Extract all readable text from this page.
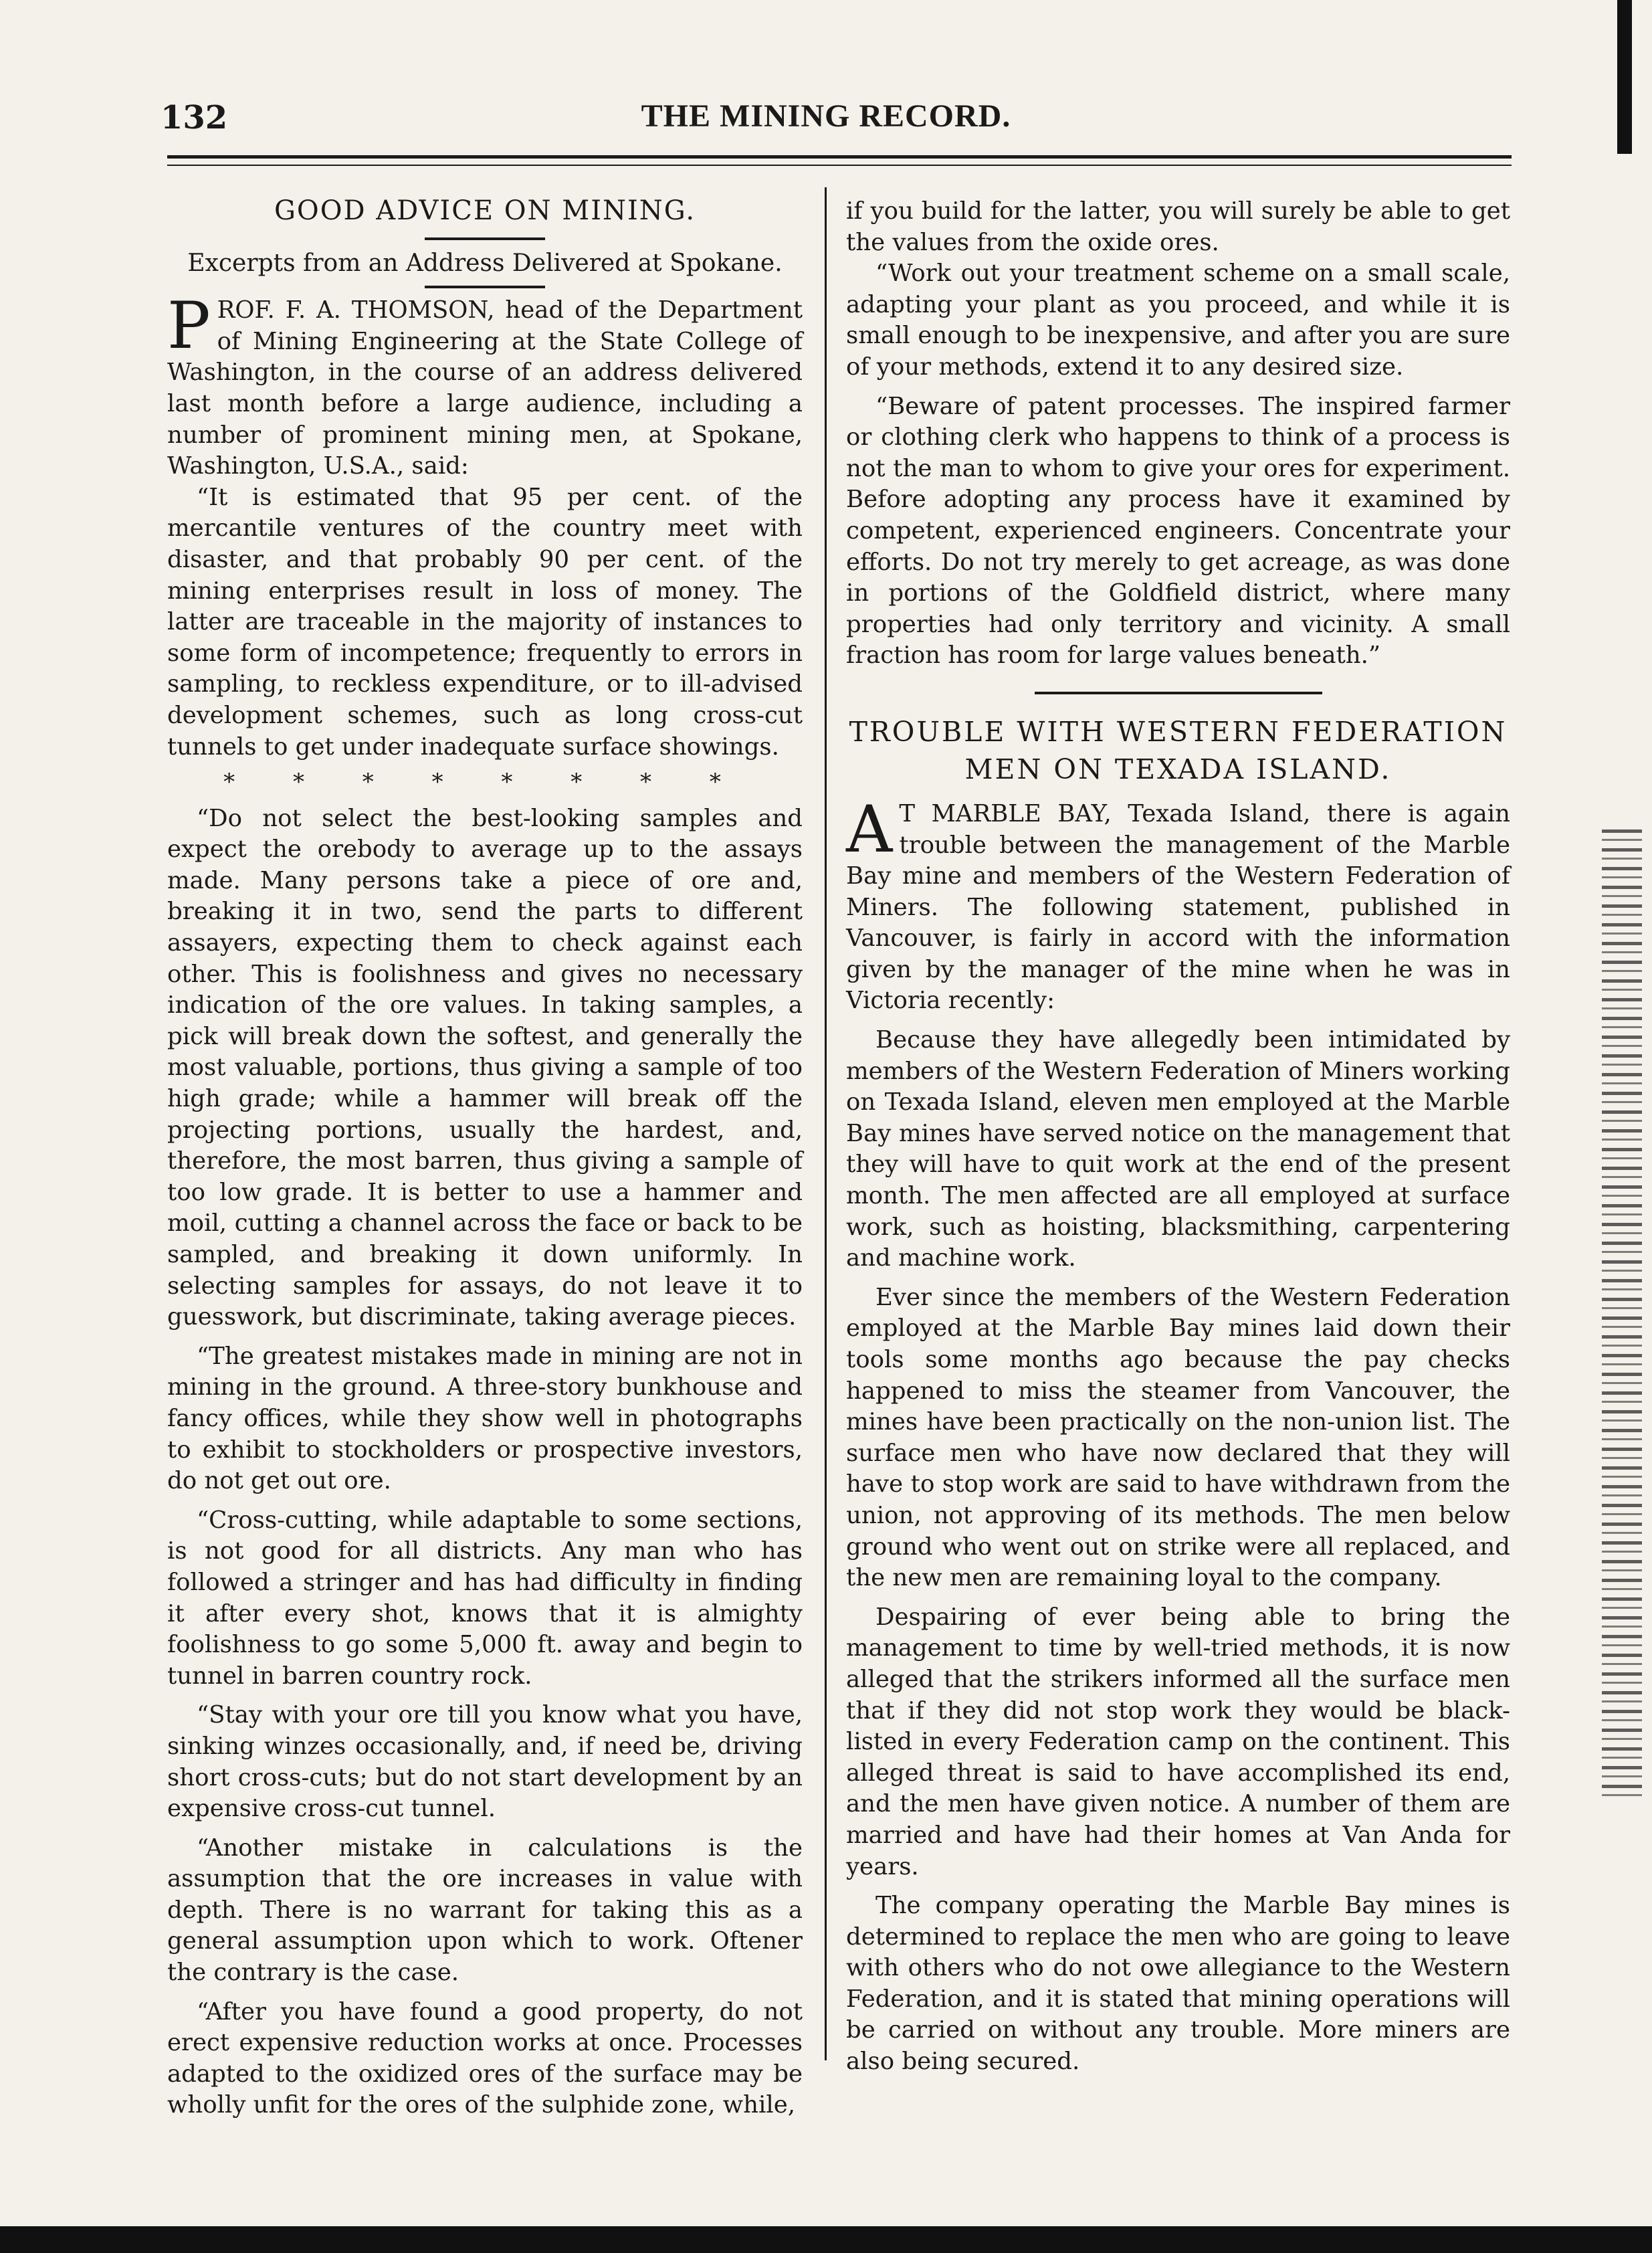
132	THE MINING RECORD.
GOOD ADVICE ON MINING.
Excerpts from an Address Delivered at Spokane.

PROF. F. A. THOMSON, head of the Department of Mining Engineering at the State College of Washington, in the course of an address delivered last month before a large audience, including a number of prominent mining men, at Spokane, Washington, U.S.A., said:

“It is estimated that 95 per cent. of the mercantile ventures of the country meet with disaster, and that probably 90 per cent. of the mining enterprises result in loss of money. The latter are traceable in the majority of instances to some form of incompetence; frequently to errors in sampling, to reckless expenditure, or to ill-advised development schemes, such as long cross-cut tunnels to get under inadequate surface showings.

* * * * * * * *

“Do not select the best-looking samples and expect the orebody to average up to the assays made. Many persons take a piece of ore and, breaking it in two, send the parts to different assayers, expecting them to check against each other. This is foolishness and gives no necessary indication of the ore values. In taking samples, a pick will break down the softest, and generally the most valuable, portions, thus giving a sample of too high grade; while a hammer will break off the projecting portions, usually the hardest, and, therefore, the most barren, thus giving a sample of too low grade. It is better to use a hammer and moil, cutting a channel across the face or back to be sampled, and breaking it down uniformly. In selecting samples for assays, do not leave it to guesswork, but discriminate, taking average pieces.

“The greatest mistakes made in mining are not in mining in the ground. A three-story bunkhouse and fancy offices, while they show well in photographs to exhibit to stockholders or prospective investors, do not get out ore.

“Cross-cutting, while adaptable to some sections, is not good for all districts. Any man who has followed a stringer and has had difficulty in finding it after every shot, knows that it is almighty foolishness to go some 5,000 ft. away and begin to tunnel in barren country rock.

“Stay with your ore till you know what you have, sinking winzes occasionally, and, if need be, driving short cross-cuts; but do not start development by an expensive cross-cut tunnel.

“Another mistake in calculations is the assumption that the ore increases in value with depth. There is no warrant for taking this as a general assumption upon which to work. Oftener the contrary is the case.

“After you have found a good property, do not erect expensive reduction works at once. Processes adapted to the oxidized ores of the surface may be wholly unfit for the ores of the sulphide zone, while,

if you build for the latter, you will surely be able to get the values from the oxide ores.

“Work out your treatment scheme on a small scale, adapting your plant as you proceed, and while it is small enough to be inexpensive, and after you are sure of your methods, extend it to any desired size.

“Beware of patent processes. The inspired farmer or clothing clerk who happens to think of a process is not the man to whom to give your ores for experiment. Before adopting any process have it examined by competent, experienced engineers. Concentrate your efforts. Do not try merely to get acreage, as was done in portions of the Goldfield district, where many properties had only territory and vicinity. A small fraction has room for large values beneath.”

TROUBLE WITH WESTERN FEDERATION
MEN ON TEXADA ISLAND.

A T MARBLE BAY, Texada Island, there is again trouble between the management of the Marble Bay mine and members of the Western Federation of Miners. The following statement, published in Vancouver, is fairly in accord with the information given by the manager of the mine when he was in Victoria recently:

Because they have allegedly been intimidated by members of the Western Federation of Miners working on Texada Island, eleven men employed at the Marble Bay mines have served notice on the management that they will have to quit work at the end of the present month. The men affected are all employed at surface work, such as hoisting, blacksmithing, carpentering and machine work.

Ever since the members of the Western Federation employed at the Marble Bay mines laid down their tools some months ago because the pay checks happened to miss the steamer from Vancouver, the mines have been practically on the non-union list. The surface men who have now declared that they will have to stop work are said to have withdrawn from the union, not approving of its methods. The men below ground who went out on strike were all replaced, and the new men are remaining loyal to the company.

Despairing of ever being able to bring the management to time by well-tried methods, it is now alleged that the strikers informed all the surface men that if they did not stop work they would be black-listed in every Federation camp on the continent. This alleged threat is said to have accomplished its end, and the men have given notice. A number of them are married and have had their homes at Van Anda for years.

The company operating the Marble Bay mines is determined to replace the men who are going to leave with others who do not owe allegiance to the Western Federation, and it is stated that mining operations will be carried on without any trouble. More miners are also being secured.
